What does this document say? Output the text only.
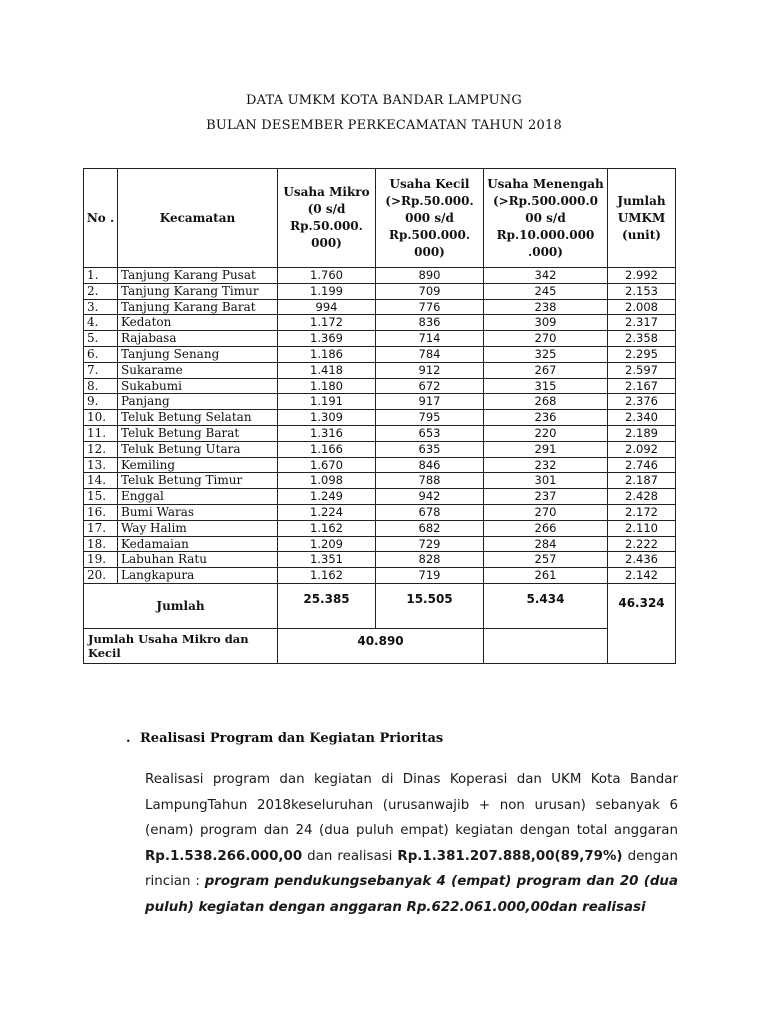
DATA UMKM KOTA BANDAR LAMPUNG
BULAN DESEMBER PERKECAMATAN TAHUN 2018
No .	Kecamatan	Usaha Mikro (0 s/d Rp.50.000. 000)	Usaha Kecil (>Rp.50.000. 000 s/d Rp.500.000. 000)	Usaha Menengah (>Rp.500.000.0 00 s/d Rp.10.000.000 .000)	Jumlah UMKM (unit)
1.	Tanjung Karang Pusat	1.760	890	342	2.992
2.	Tanjung Karang Timur	1.199	709	245	2.153
3.	Tanjung Karang Barat	994	776	238	2.008
4.	Kedaton	1.172	836	309	2.317
5.	Rajabasa	1.369	714	270	2.358
6.	Tanjung Senang	1.186	784	325	2.295
7.	Sukarame	1.418	912	267	2.597
8.	Sukabumi	1.180	672	315	2.167
9.	Panjang	1.191	917	268	2.376
10.	Teluk Betung Selatan	1.309	795	236	2.340
11.	Teluk Betung Barat	1.316	653	220	2.189
12.	Teluk Betung Utara	1.166	635	291	2.092
13.	Kemiling	1.670	846	232	2.746
14.	Teluk Betung Timur	1.098	788	301	2.187
15.	Enggal	1.249	942	237	2.428
16.	Bumi Waras	1.224	678	270	2.172
17.	Way Halim	1.162	682	266	2.110
18.	Kedamaian	1.209	729	284	2.222
19.	Labuhan Ratu	1.351	828	257	2.436
20.	Langkapura	1.162	719	261	2.142
Jumlah		25.385	15.505	5.434	46.324
Jumlah Usaha Mikro dan Kecil		40.890			
. Realisasi Program dan Kegiatan Prioritas
Realisasi program dan kegiatan di Dinas Koperasi dan UKM Kota Bandar LampungTahun 2018keseluruhan (urusanwajib + non urusan) sebanyak 6 (enam) program dan 24 (dua puluh empat) kegiatan dengan total anggaran Rp.1.538.266.000,00 dan realisasi Rp.1.381.207.888,00(89,79%) dengan rincian : program pendukungsebanyak 4 (empat) program dan 20 (dua puluh) kegiatan dengan anggaran Rp.622.061.000,00dan realisasi
